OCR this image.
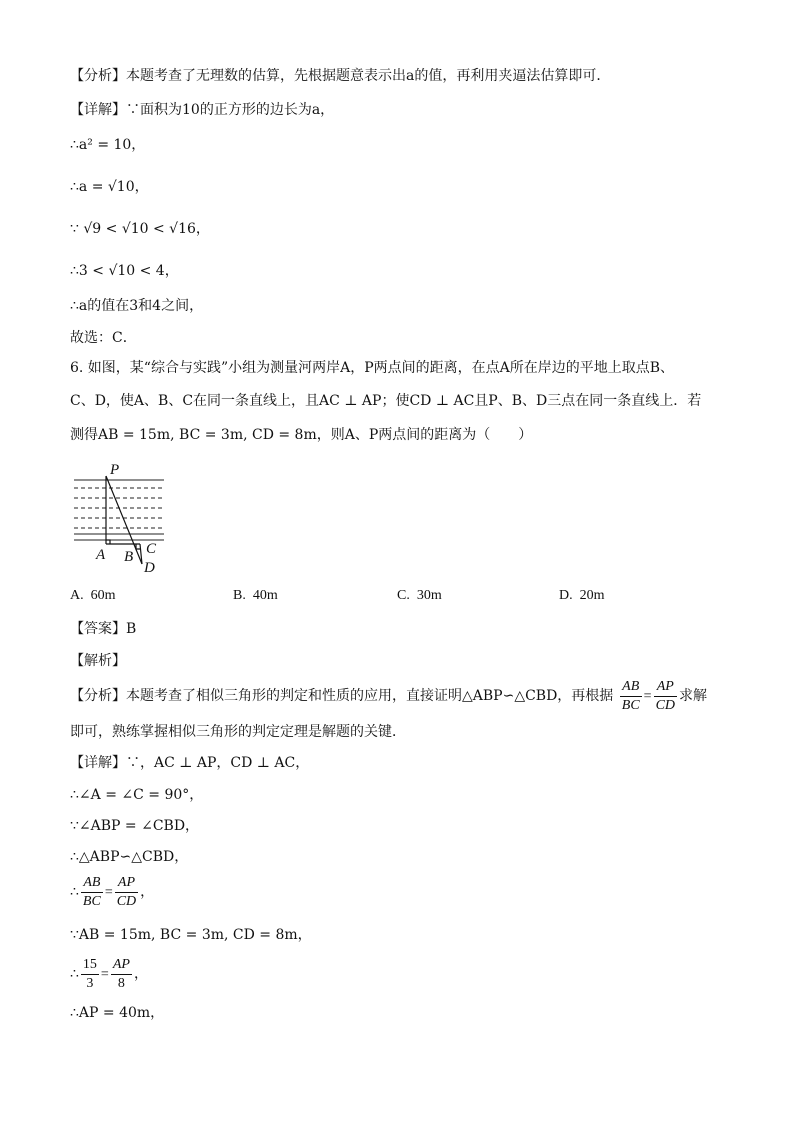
【分析】本题考查了无理数的估算，先根据题意表示出a的值，再利用夹逼法估算即可．
【详解】∵面积为10的正方形的边长为a，
∴a² = 10，
∴a = √10，
∵ √9 < √10 < √16，
∴3 < √10 < 4，
∴a的值在3和4之间，
故选：C．
6. 如图，某“综合与实践”小组为测量河两岸A，P两点间的距离，在点A所在岸边的平地上取点B、
C、D，使A、B、C在同一条直线上，且AC ⊥ AP；使CD ⊥ AC且P、B、D三点在同一条直线上．若
测得AB = 15m, BC = 3m, CD = 8m，则A、P两点间的距离为（　　）
P
A B C
D
A. 60m	B. 40m	C. 30m	D. 20m
【答案】B
【解析】
【分析】本题考查了相似三角形的判定和性质的应用，直接证明△ABP∽△CBD，再根据 $\frac{AB}{BC} = \frac{AP}{CD}$ 求解
即可，熟练掌握相似三角形的判定定理是解题的关键．
【详解】∵，AC ⊥ AP，CD ⊥ AC，
∴∠A = ∠C = 90°，
∵∠ABP = ∠CBD，
∴△ABP∽△CBD，
∴ $\frac{AB}{BC} = \frac{AP}{CD}$ ，
∵AB = 15m, BC = 3m, CD = 8m，
∴ $\frac{15}{3} = \frac{AP}{8}$ ，
∴AP = 40m，
